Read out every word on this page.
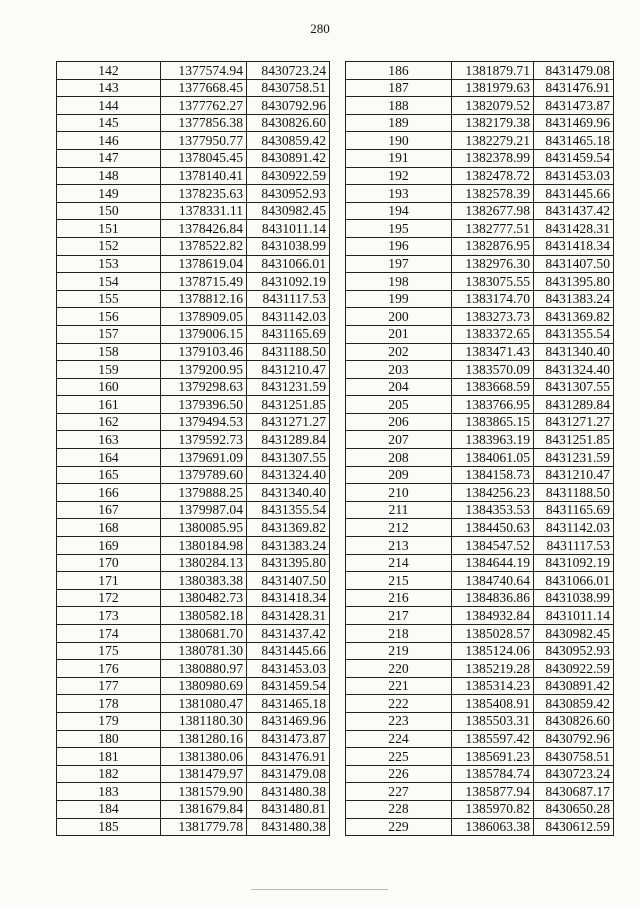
280
142	1377574.94	8430723.24
143	1377668.45	8430758.51
144	1377762.27	8430792.96
145	1377856.38	8430826.60
146	1377950.77	8430859.42
147	1378045.45	8430891.42
148	1378140.41	8430922.59
149	1378235.63	8430952.93
150	1378331.11	8430982.45
151	1378426.84	8431011.14
152	1378522.82	8431038.99
153	1378619.04	8431066.01
154	1378715.49	8431092.19
155	1378812.16	8431117.53
156	1378909.05	8431142.03
157	1379006.15	8431165.69
158	1379103.46	8431188.50
159	1379200.95	8431210.47
160	1379298.63	8431231.59
161	1379396.50	8431251.85
162	1379494.53	8431271.27
163	1379592.73	8431289.84
164	1379691.09	8431307.55
165	1379789.60	8431324.40
166	1379888.25	8431340.40
167	1379987.04	8431355.54
168	1380085.95	8431369.82
169	1380184.98	8431383.24
170	1380284.13	8431395.80
171	1380383.38	8431407.50
172	1380482.73	8431418.34
173	1380582.18	8431428.31
174	1380681.70	8431437.42
175	1380781.30	8431445.66
176	1380880.97	8431453.03
177	1380980.69	8431459.54
178	1381080.47	8431465.18
179	1381180.30	8431469.96
180	1381280.16	8431473.87
181	1381380.06	8431476.91
182	1381479.97	8431479.08
183	1381579.90	8431480.38
184	1381679.84	8431480.81
185	1381779.78	8431480.38
186	1381879.71	8431479.08
187	1381979.63	8431476.91
188	1382079.52	8431473.87
189	1382179.38	8431469.96
190	1382279.21	8431465.18
191	1382378.99	8431459.54
192	1382478.72	8431453.03
193	1382578.39	8431445.66
194	1382677.98	8431437.42
195	1382777.51	8431428.31
196	1382876.95	8431418.34
197	1382976.30	8431407.50
198	1383075.55	8431395.80
199	1383174.70	8431383.24
200	1383273.73	8431369.82
201	1383372.65	8431355.54
202	1383471.43	8431340.40
203	1383570.09	8431324.40
204	1383668.59	8431307.55
205	1383766.95	8431289.84
206	1383865.15	8431271.27
207	1383963.19	8431251.85
208	1384061.05	8431231.59
209	1384158.73	8431210.47
210	1384256.23	8431188.50
211	1384353.53	8431165.69
212	1384450.63	8431142.03
213	1384547.52	8431117.53
214	1384644.19	8431092.19
215	1384740.64	8431066.01
216	1384836.86	8431038.99
217	1384932.84	8431011.14
218	1385028.57	8430982.45
219	1385124.06	8430952.93
220	1385219.28	8430922.59
221	1385314.23	8430891.42
222	1385408.91	8430859.42
223	1385503.31	8430826.60
224	1385597.42	8430792.96
225	1385691.23	8430758.51
226	1385784.74	8430723.24
227	1385877.94	8430687.17
228	1385970.82	8430650.28
229	1386063.38	8430612.59
